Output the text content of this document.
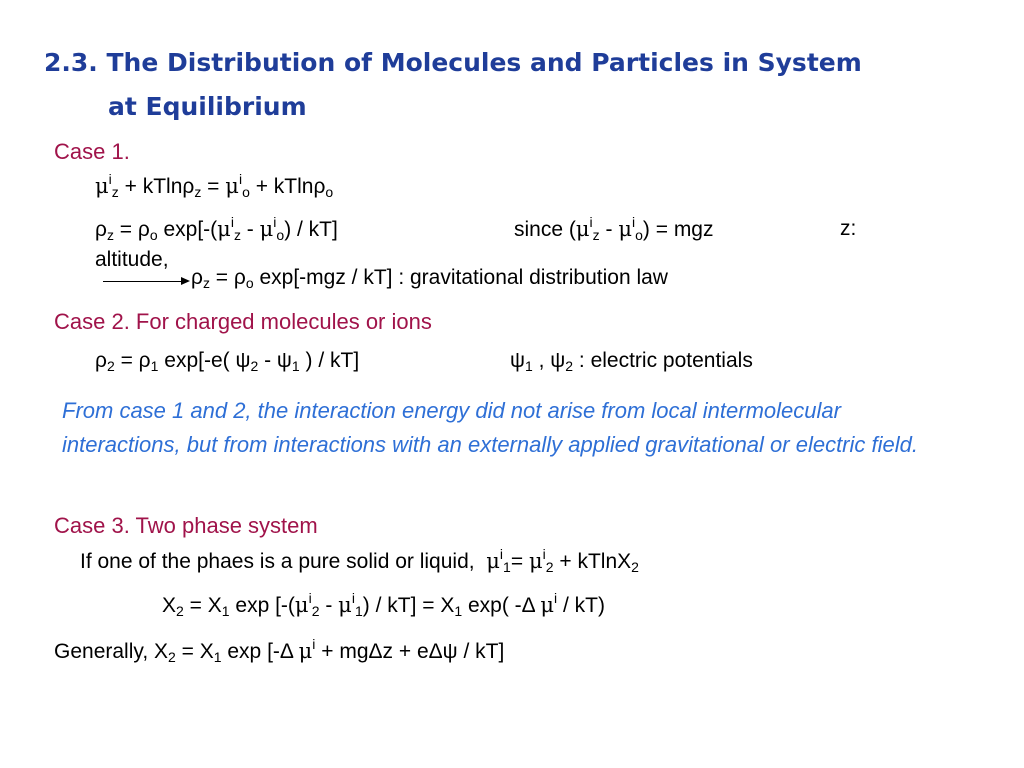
2.3. The Distribution of Molecules and Particles in System
at Equilibrium
Case 1.
$\mu^i_z + kTln\rho_z = \mu^i_o + kTln\rho_o$
$\rho_z = \rho_o$ $\exp[-(\mu^i_z - \mu^i_o) / kT]$	since $(\mu^i_z - \mu^i_o)$ = mgz	z:
altitude,
$\rho_z = \rho_o$ exp[-mgz / kT] : gravitational distribution law
Case 2. For charged molecules or ions
$\rho_2 = \rho_1$ exp[-e( $\psi_2 - \psi_1$ ) / kT]	$\psi_1$ , $\psi_2$ : electric potentials
From case 1 and 2, the interaction energy did not arise from local intermolecular interactions, but from interactions with an externally applied gravitational or electric field.
Case 3. Two phase system
If one of the phaes is a pure solid or liquid, $\mu^i_1= \mu^i_2 + kTlnX_2$
$X_2 = X_1$ $\exp [-(\mu^i_2 - \mu^i_1) / kT] = X_1$ exp( -Δ $\mu^i / kT$)
Generally, $X_2 = X_1$ exp [-Δ $\mu^i + mg\Delta z + e\Delta\psi / kT$]
